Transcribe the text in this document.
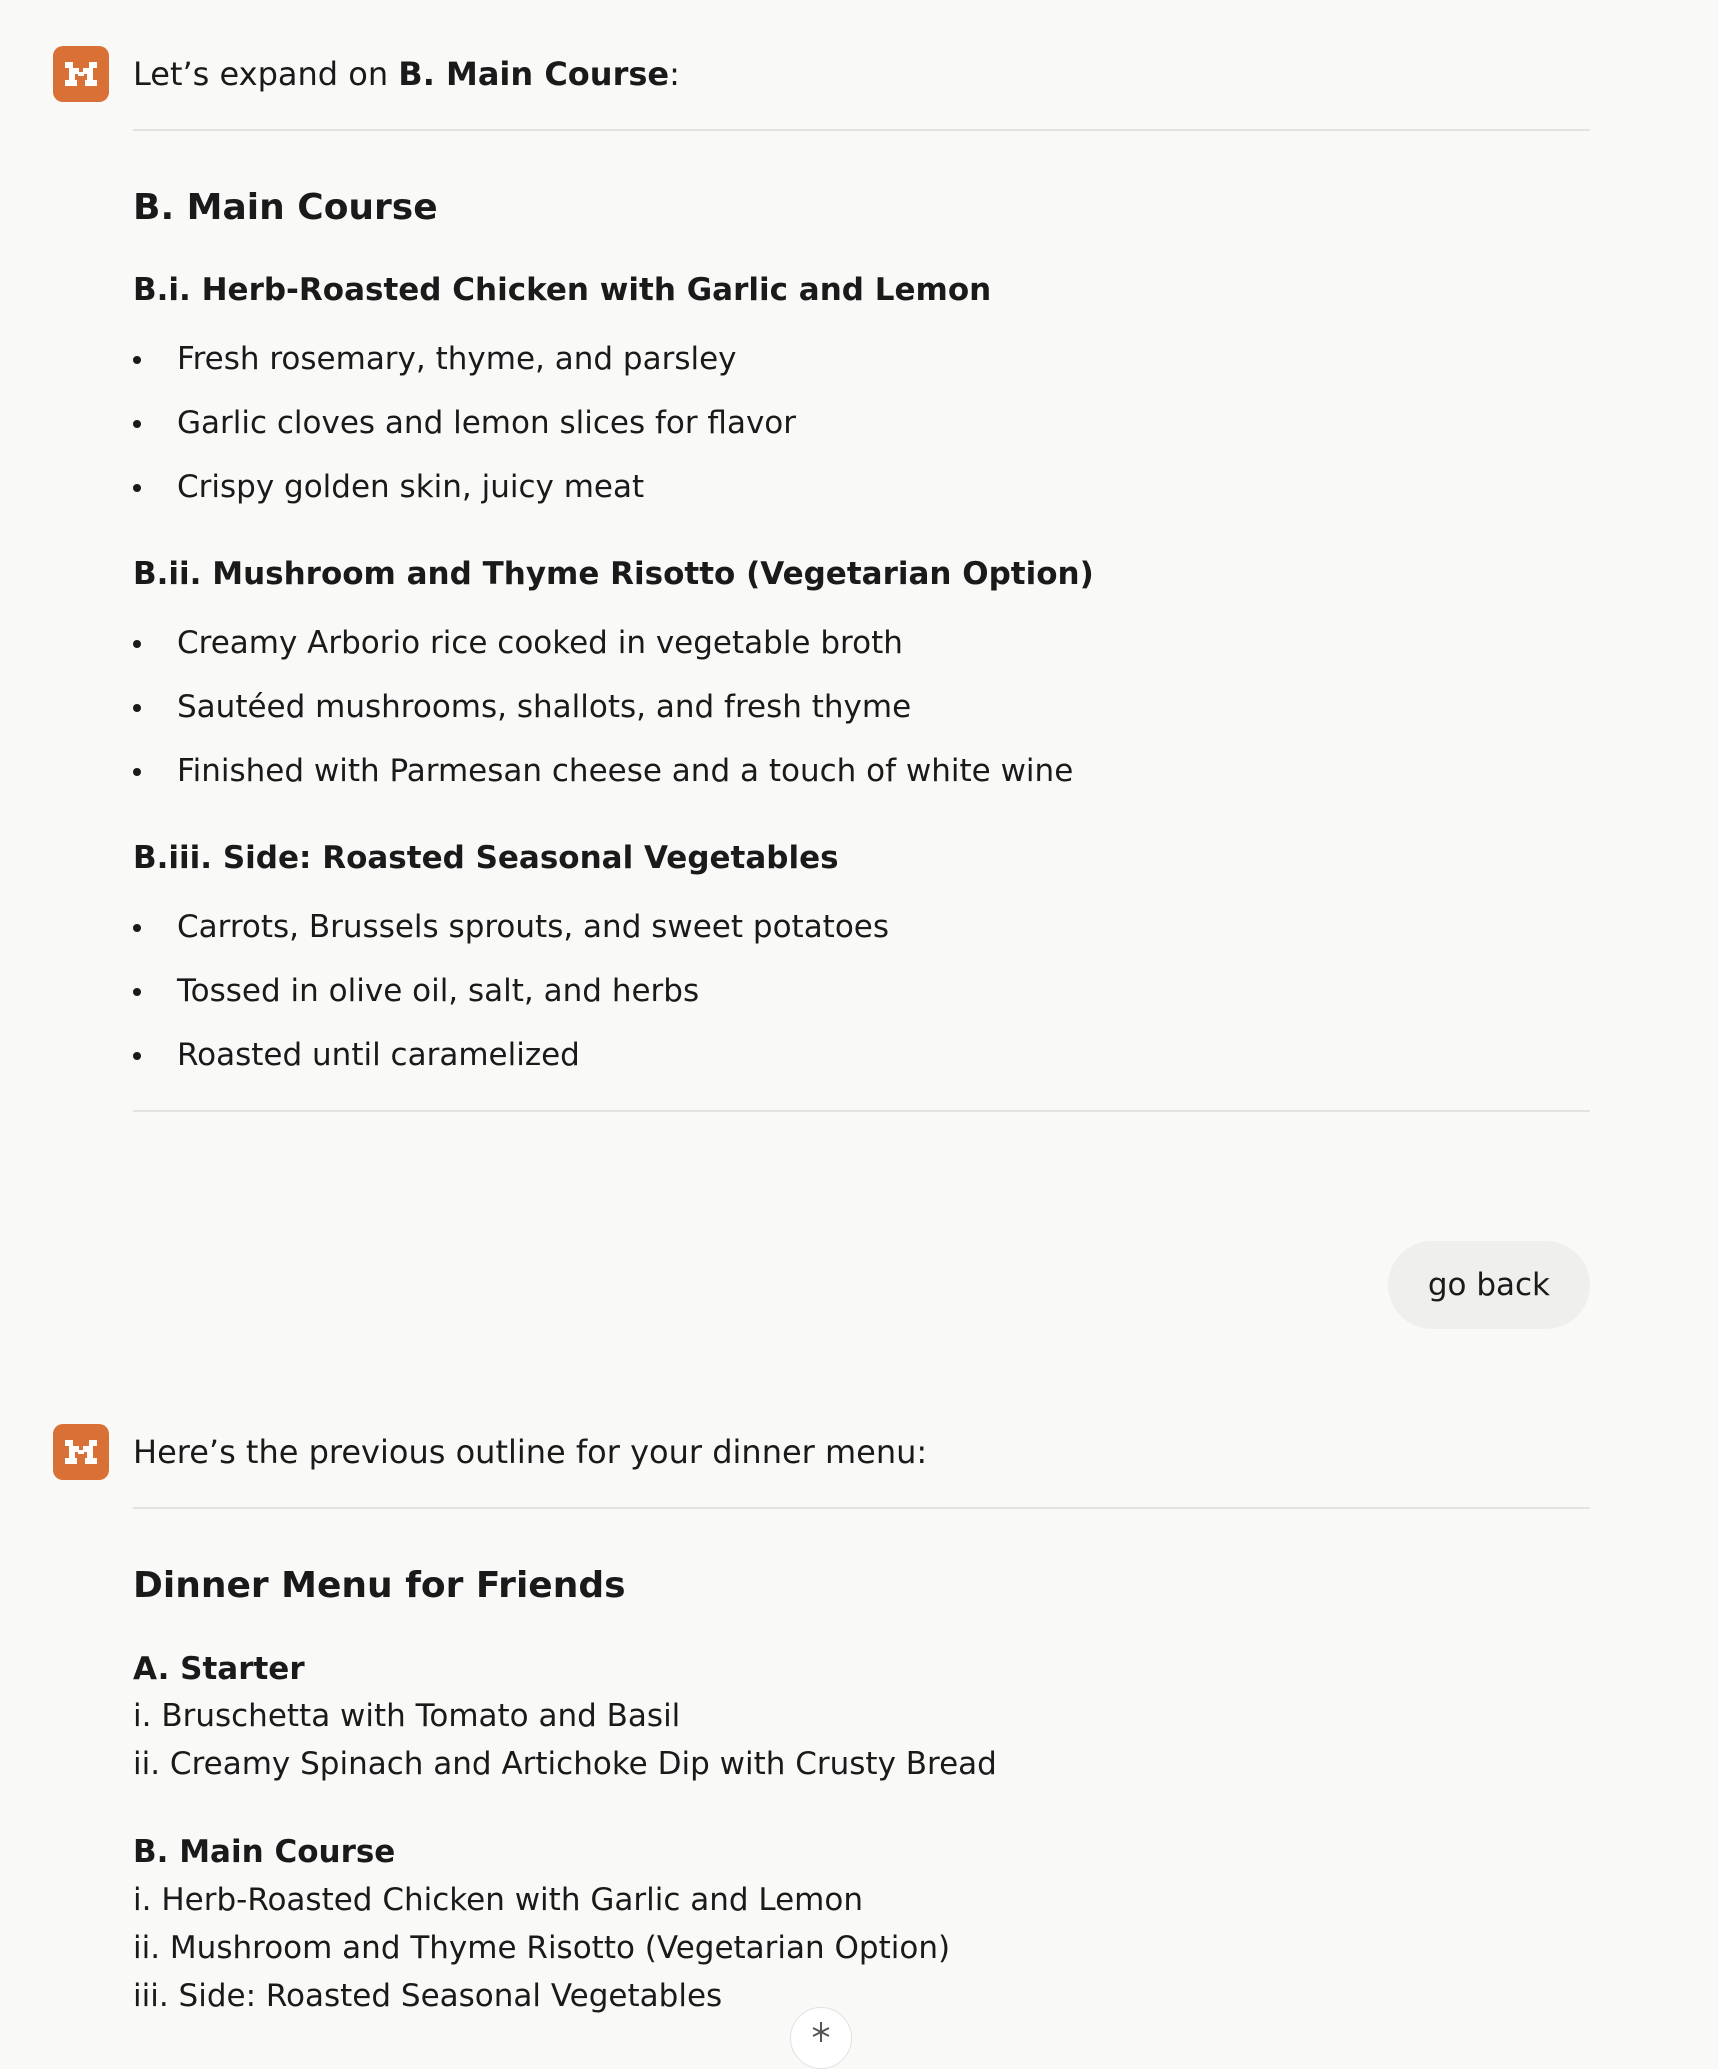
Let’s expand on B. Main Course:
B. Main Course
B.i. Herb-Roasted Chicken with Garlic and Lemon
Fresh rosemary, thyme, and parsley
Garlic cloves and lemon slices for flavor
Crispy golden skin, juicy meat
B.ii. Mushroom and Thyme Risotto (Vegetarian Option)
Creamy Arborio rice cooked in vegetable broth
Sautéed mushrooms, shallots, and fresh thyme
Finished with Parmesan cheese and a touch of white wine
B.iii. Side: Roasted Seasonal Vegetables
Carrots, Brussels sprouts, and sweet potatoes
Tossed in olive oil, salt, and herbs
Roasted until caramelized
go back
Here’s the previous outline for your dinner menu:
Dinner Menu for Friends
A. Starter
i. Bruschetta with Tomato and Basil
ii. Creamy Spinach and Artichoke Dip with Crusty Bread
B. Main Course
i. Herb-Roasted Chicken with Garlic and Lemon
ii. Mushroom and Thyme Risotto (Vegetarian Option)
iii. Side: Roasted Seasonal Vegetables
